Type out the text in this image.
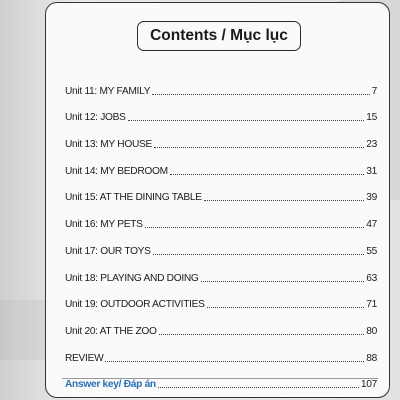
Contents / Mục lục
Unit 11: MY FAMILY	7
Unit 12: JOBS	15
Unit 13: MY HOUSE	23
Unit 14: MY BEDROOM	31
Unit 15: AT THE DINING TABLE	39
Unit 16: MY PETS	47
Unit 17: OUR TOYS	55
Unit 18: PLAYING AND DOING	63
Unit 19: OUTDOOR ACTIVITIES	71
Unit 20: AT THE ZOO	80
REVIEW	88
Answer key/ Đáp án	107
